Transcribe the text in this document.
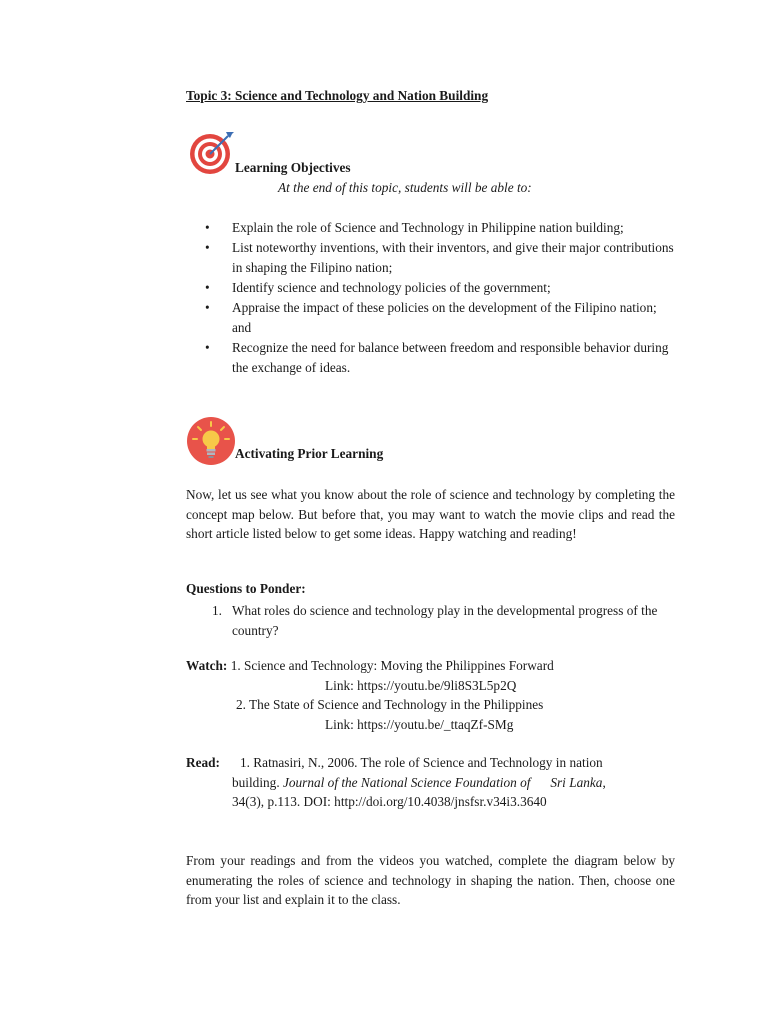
Topic 3: Science and Technology and Nation Building
Learning Objectives
At the end of this topic, students will be able to:
• Explain the role of Science and Technology in Philippine nation building;
• List noteworthy inventions, with their inventors, and give their major contributions in shaping the Filipino nation;
• Identify science and technology policies of the government;
• Appraise the impact of these policies on the development of the Filipino nation; and
• Recognize the need for balance between freedom and responsible behavior during the exchange of ideas.
Activating Prior Learning
Now, let us see what you know about the role of science and technology by completing the concept map below. But before that, you may want to watch the movie clips and read the short article listed below to get some ideas. Happy watching and reading!
Questions to Ponder:
1. What roles do science and technology play in the developmental progress of the country?
Watch: 1. Science and Technology: Moving the Philippines Forward
Link: https://youtu.be/9li8S3L5p2Q
2. The State of Science and Technology in the Philippines
Link: https://youtu.be/_ttaqZf-SMg
Read: 1. Ratnasiri, N., 2006. The role of Science and Technology in nation
building. Journal of the National Science Foundation of      Sri Lanka,
34(3), p.113. DOI: http://doi.org/10.4038/jnsfsr.v34i3.3640
From your readings and from the videos you watched, complete the diagram below by enumerating the roles of science and technology in shaping the nation. Then, choose one from your list and explain it to the class.
